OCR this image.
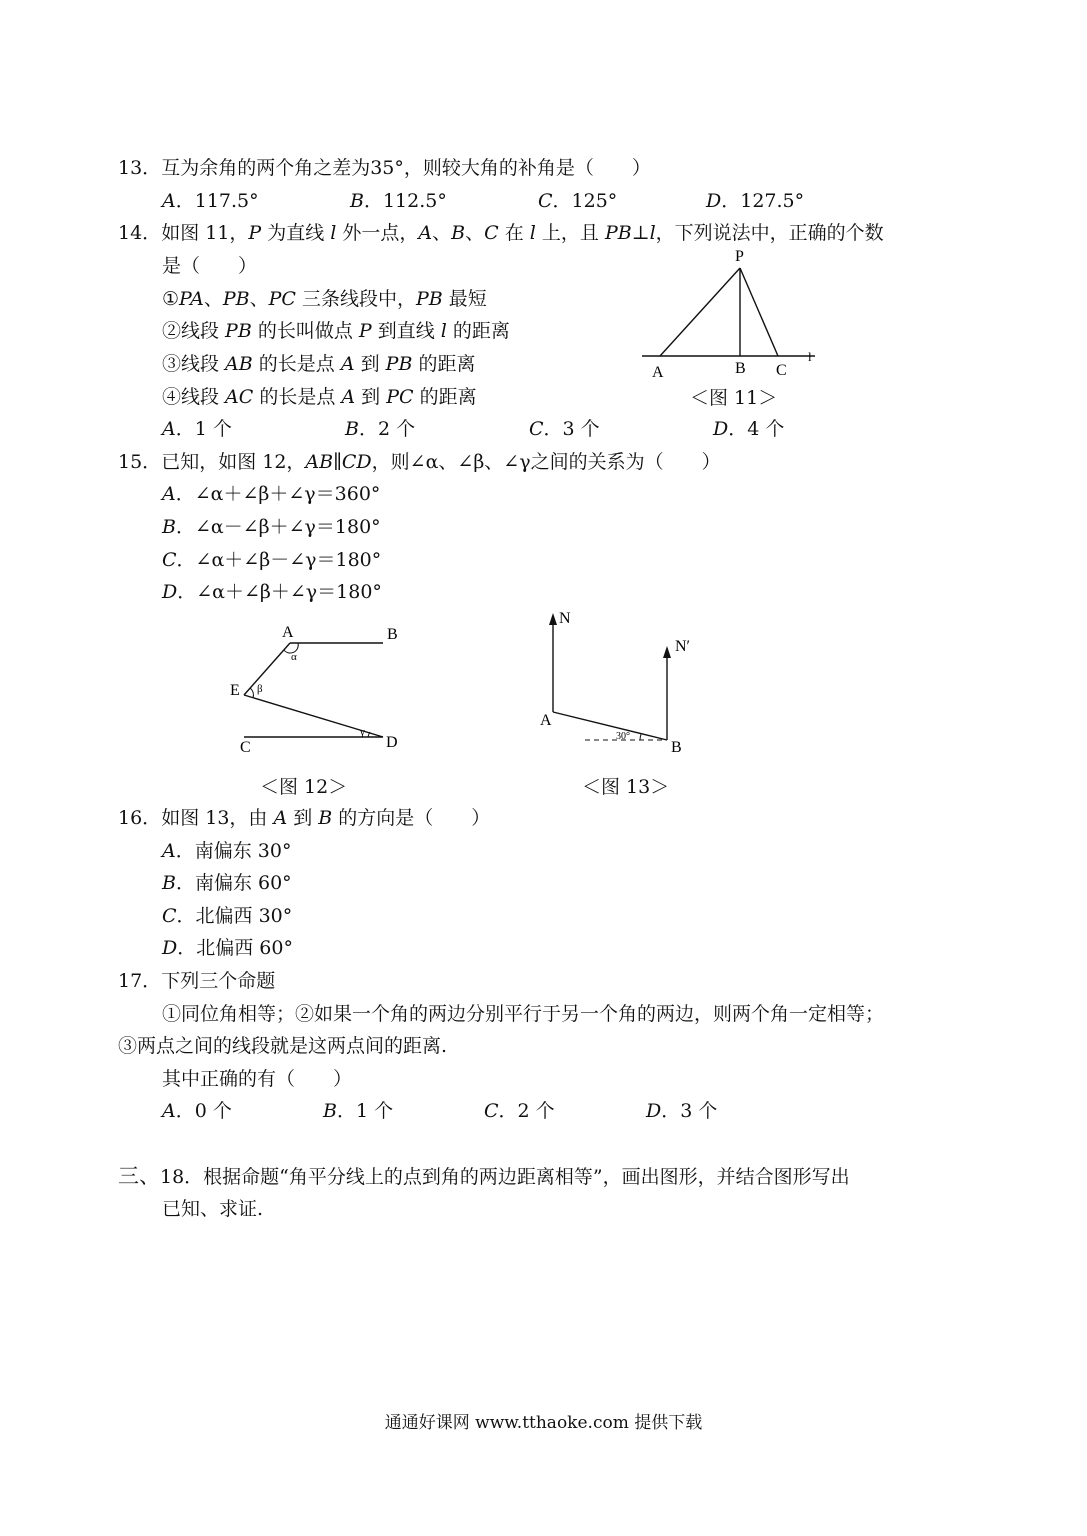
13．互为余角的两个角之差为35°，则较大角的补角是（　　）
A．117.5°	B．112.5°	C．125°	D．127.5°
14．如图 11，P 为直线 l 外一点，A、B、C 在 l 上，且 PB⊥l，下列说法中，正确的个数
是（　　）
①PA、PB、PC 三条线段中，PB 最短
②线段 PB 的长叫做点 P 到直线 l 的距离
③线段 AB 的长是点 A 到 PB 的距离
④线段 AC 的长是点 A 到 PC 的距离
P
A	B C
l
＜图 11＞
A．1 个	B．2 个	C．3 个	D．4 个
15．已知，如图 12，AB∥CD，则∠α、∠β、∠γ之间的关系为（　　）
A．∠α＋∠β＋∠γ＝360°
B．∠α－∠β＋∠γ＝180°
C．∠α＋∠β－∠γ＝180°
D．∠α＋∠β＋∠γ＝180°
A	B
E
C	D
α
β
γ
＜图 12＞
N
N′
A
B
30°
＜图 13＞
16．如图 13，由 A 到 B 的方向是（　　）
A．南偏东 30°
B．南偏东 60°
C．北偏西 30°
D．北偏西 60°
17．下列三个命题
①同位角相等；②如果一个角的两边分别平行于另一个角的两边，则两个角一定相等；
③两点之间的线段就是这两点间的距离.
其中正确的有（　　）
A．0 个	B．1 个	C．2 个	D．3 个
三、18．根据命题“角平分线上的点到角的两边距离相等”，画出图形，并结合图形写出
已知、求证.
通通好课网 www.tthaoke.com 提供下载
